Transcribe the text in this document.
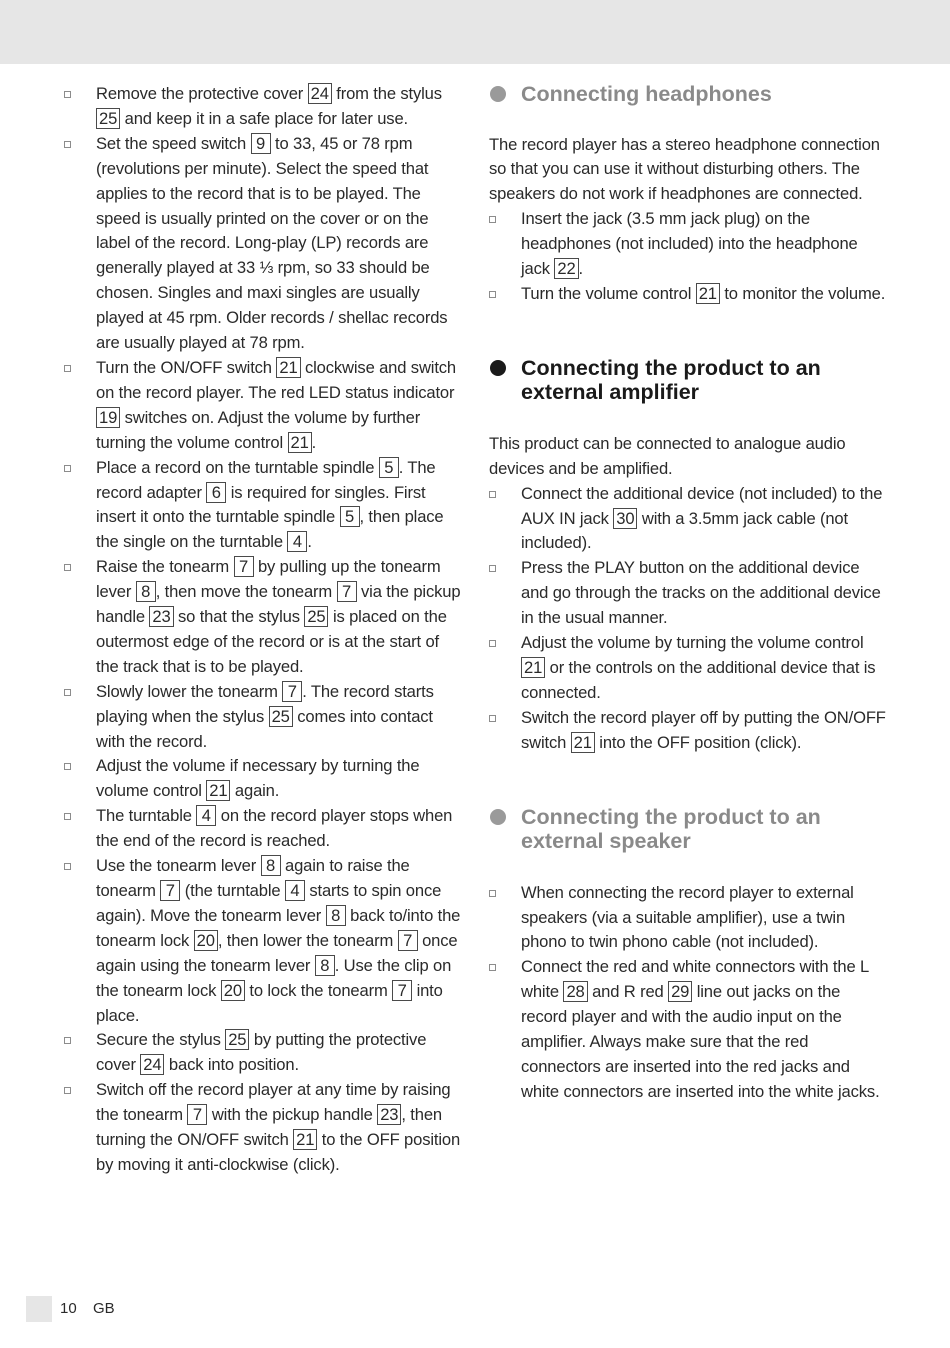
Remove the protective cover 24 from the stylus 25 and keep it in a safe place for later use.
Set the speed switch 9 to 33, 45 or 78 rpm (revolutions per minute). Select the speed that applies to the record that is to be played. The speed is usually printed on the cover or on the label of the record. Long-play (LP) records are generally played at 33 ⅓ rpm, so 33 should be chosen. Singles and maxi singles are usually played at 45 rpm. Older records / shellac records are usually played at 78 rpm.
Turn the ON/OFF switch 21 clockwise and switch on the record player. The red LED status indicator 19 switches on. Adjust the volume by further turning the volume control 21 .
Place a record on the turntable spindle 5 . The record adapter 6 is required for singles. First insert it onto the turntable spindle 5 , then place the single on the turntable 4 .
Raise the tonearm 7 by pulling up the tonearm lever 8 , then move the tonearm 7 via the pickup handle 23 so that the stylus 25 is placed on the outermost edge of the record or is at the start of the track that is to be played.
Slowly lower the tonearm 7 . The record starts playing when the stylus 25 comes into contact with the record.
Adjust the volume if necessary by turning the volume control 21 again.
The turntable 4 on the record player stops when the end of the record is reached.
Use the tonearm lever 8 again to raise the tonearm 7 (the turntable 4 starts to spin once again). Move the tonearm lever 8 back to/into the tonearm lock 20 , then lower the tonearm 7 once again using the tonearm lever 8 . Use the clip on the tonearm lock 20 to lock the tonearm 7 into place.
Secure the stylus 25 by putting the protective cover 24 back into position.
Switch off the record player at any time by raising the tonearm 7 with the pickup handle 23 , then turning the ON/OFF switch 21 to the OFF position by moving it anti-clockwise (click).
Connecting headphones
The record player has a stereo headphone connection so that you can use it without disturbing others. The speakers do not work if headphones are connected.
Insert the jack (3.5 mm jack plug) on the headphones (not included) into the headphone jack 22 .
Turn the volume control 21 to monitor the volume.
Connecting the product to an external amplifier
This product can be connected to analogue audio devices and be amplified.
Connect the additional device (not included) to the AUX IN jack 30 with a 3.5mm jack cable (not included).
Press the PLAY button on the additional device and go through the tracks on the additional device in the usual manner.
Adjust the volume by turning the volume control 21 or the controls on the additional device that is connected.
Switch the record player off by putting the ON/OFF switch 21 into the OFF position (click).
Connecting the product to an external speaker
When connecting the record player to external speakers (via a suitable amplifier), use a twin phono to twin phono cable (not included).
Connect the red and white connectors with the L white 28 and R red 29 line out jacks on the record player and with the audio input on the amplifier. Always make sure that the red connectors are inserted into the red jacks and white connectors are inserted into the white jacks.
10 GB
